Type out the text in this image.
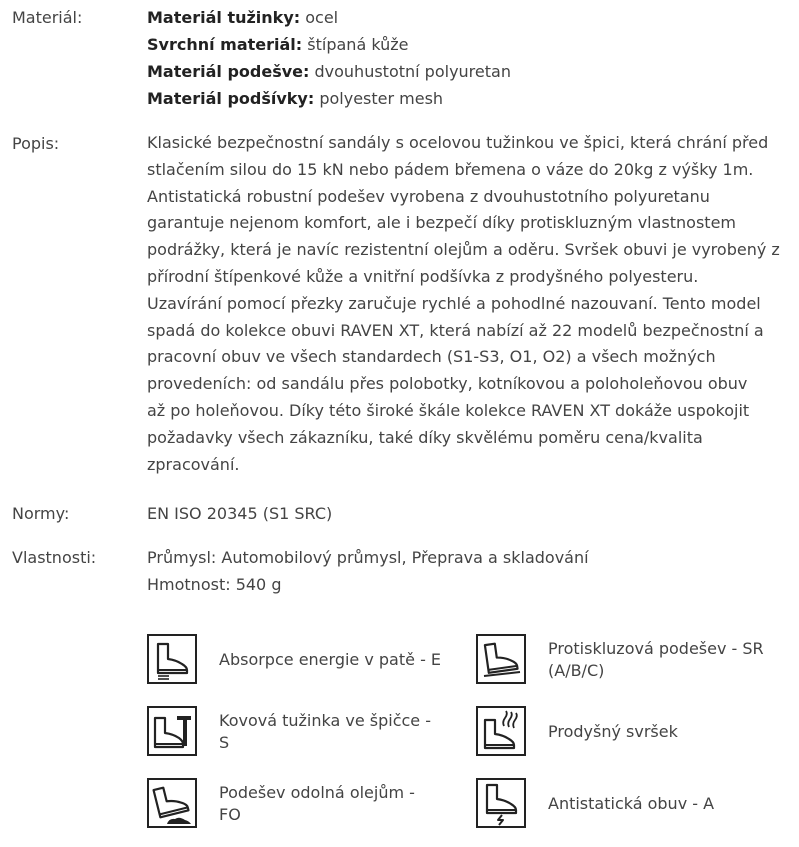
Materiál:	Materiál tužinky: ocel
Svrchní materiál: štípaná kůže
Materiál podešve: dvouhustotní polyuretan
Materiál podšívky: polyester mesh
Popis:	Klasické bezpečnostní sandály s ocelovou tužinkou ve špici, která chrání před
stlačením silou do 15 kN nebo pádem břemena o váze do 20kg z výšky 1m.
Antistatická robustní podešev vyrobena z dvouhustotního polyuretanu
garantuje nejenom komfort, ale i bezpečí díky protiskluzným vlastnostem
podrážky, která je navíc rezistentní olejům a oděru. Svršek obuvi je vyrobený z
přírodní štípenkové kůže a vnitřní podšívka z prodyšného polyesteru.
Uzavírání pomocí přezky zaručuje rychlé a pohodlné nazouvaní. Tento model
spadá do kolekce obuvi RAVEN XT, která nabízí až 22 modelů bezpečnostní a
pracovní obuv ve všech standardech (S1-S3, O1, O2) a všech možných
provedeních: od sandálu přes polobotky, kotníkovou a poloholeňovou obuv
až po holeňovou. Díky této široké škále kolekce RAVEN XT dokáže uspokojit
požadavky všech zákazníku, také díky skvělému poměru cena/kvalita
zpracování.
Normy:	EN ISO 20345 (S1 SRC)
Vlastnosti:	Průmysl: Automobilový průmysl, Přeprava a skladování
Hmotnost: 540 g
Absorpce energie v patě - E
Protiskluzová podešev - SR
(A/B/C)
Kovová tužinka ve špičce -
S
Prodyšný svršek
Podešev odolná olejům -
FO
Antistatická obuv - A
